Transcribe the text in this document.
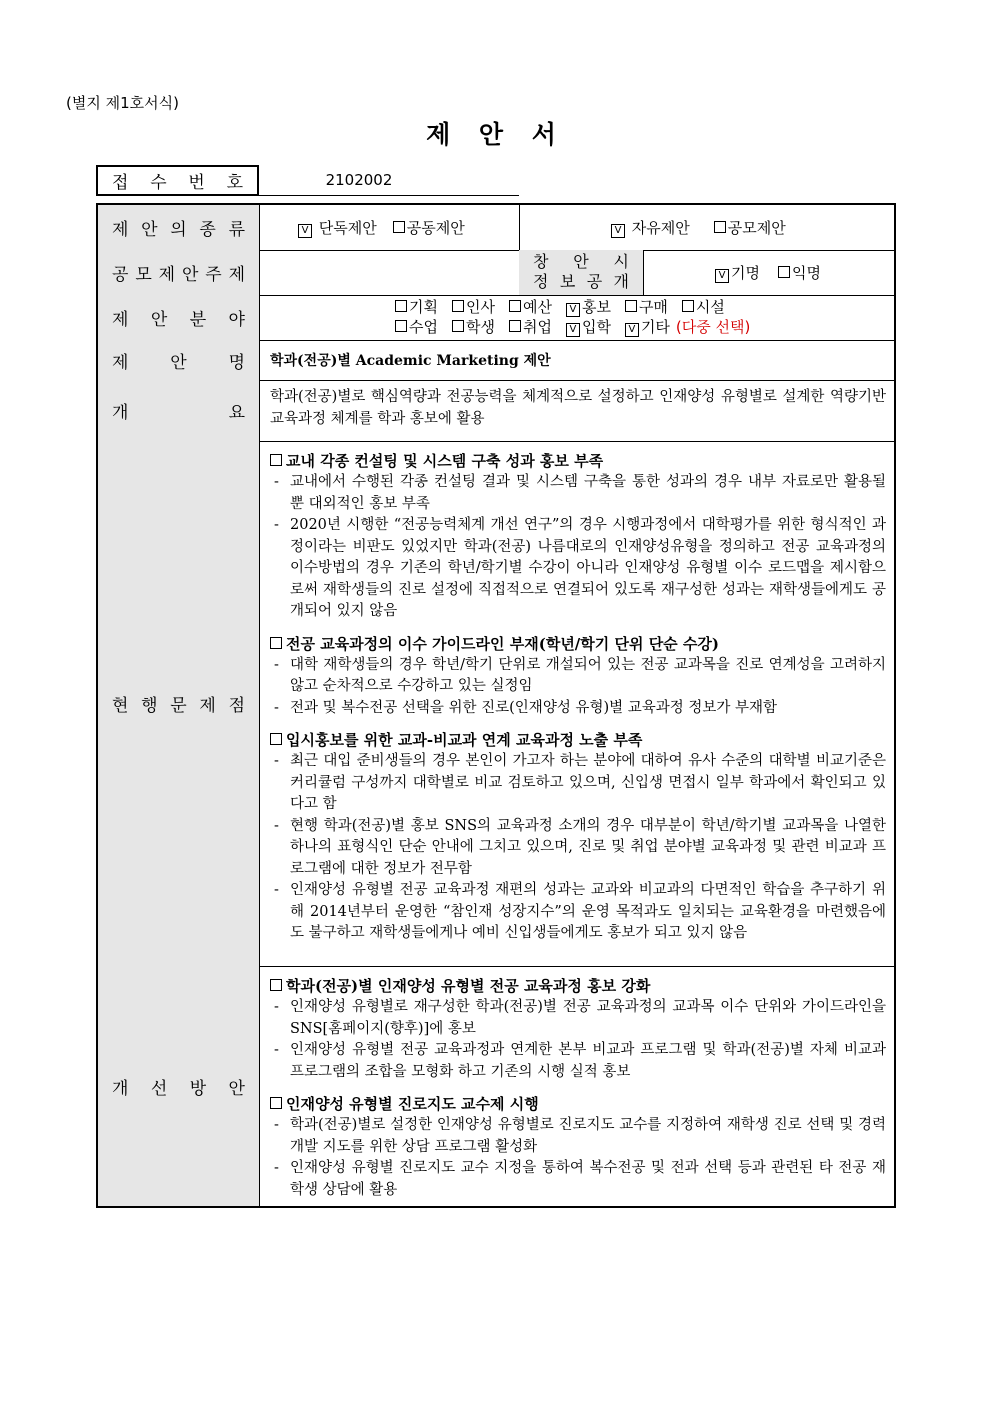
(별지 제1호서식)
제 안 서
접 수 번 호	2102002
제 안 의 종 류	V 단독제안	공동제안	V 자유제안	공모제안
공 모 제 안 주 제
창 안 시
정 보 공 개	V 기명	익명
제 안 분 야
기획 인사 예산 V 홍보 구매 시설
수업 학생 취업 V 입학 V 기타 (다중 선택)
제 안 명 학과(전공)별 Academic Marketing 제안
개	요
학과(전공)별로 핵심역량과 전공능력을 체계적으로 설정하고 인재양성 유형별로 설계한 역량기반 교육과정 체계를 학과 홍보에 활용
현 행 문 제 점
교내 각종 컨설팅 및 시스템 구축 성과 홍보 부족
- 교내에서 수행된 각종 컨설팅 결과 및 시스템 구축을 통한 성과의 경우 내부 자료로만 활용될 뿐 대외적인 홍보 부족
- 2020년 시행한 “전공능력체계 개선 연구”의 경우 시행과정에서 대학평가를 위한 형식적인 과정이라는 비판도 있었지만 학과(전공) 나름대로의 인재양성유형을 정의하고 전공 교육과정의 이수방법의 경우 기존의 학년/학기별 수강이 아니라 인재양성 유형별 이수 로드맵을 제시함으로써 재학생들의 진로 설정에 직접적으로 연결되어 있도록 재구성한 성과는 재학생들에게도 공개되어 있지 않음
전공 교육과정의 이수 가이드라인 부재(학년/학기 단위 단순 수강)
- 대학 재학생들의 경우 학년/학기 단위로 개설되어 있는 전공 교과목을 진로 연계성을 고려하지 않고 순차적으로 수강하고 있는 실정임
- 전과 및 복수전공 선택을 위한 진로(인재양성 유형)별 교육과정 정보가 부재함
입시홍보를 위한 교과-비교과 연계 교육과정 노출 부족
- 최근 대입 준비생들의 경우 본인이 가고자 하는 분야에 대하여 유사 수준의 대학별 비교기준은 커리큘럼 구성까지 대학별로 비교 검토하고 있으며, 신입생 면접시 일부 학과에서 확인되고 있다고 함
- 현행 학과(전공)별 홍보 SNS의 교육과정 소개의 경우 대부분이 학년/학기별 교과목을 나열한 하나의 표형식인 단순 안내에 그치고 있으며, 진로 및 취업 분야별 교육과정 및 관련 비교과 프로그램에 대한 정보가 전무함
- 인재양성 유형별 전공 교육과정 재편의 성과는 교과와 비교과의 다면적인 학습을 추구하기 위해 2014년부터 운영한 “참인재 성장지수”의 운영 목적과도 일치되는 교육환경을 마련했음에도 불구하고 재학생들에게나 예비 신입생들에게도 홍보가 되고 있지 않음
개 선 방 안
학과(전공)별 인재양성 유형별 전공 교육과정 홍보 강화
- 인재양성 유형별로 재구성한 학과(전공)별 전공 교육과정의 교과목 이수 단위와 가이드라인을 SNS[홈페이지(향후)]에 홍보
- 인재양성 유형별 전공 교육과정과 연계한 본부 비교과 프로그램 및 학과(전공)별 자체 비교과 프로그램의 조합을 모형화 하고 기존의 시행 실적 홍보
인재양성 유형별 진로지도 교수제 시행
- 학과(전공)별로 설정한 인재양성 유형별로 진로지도 교수를 지정하여 재학생 진로 선택 및 경력개발 지도를 위한 상담 프로그램 활성화
- 인재양성 유형별 진로지도 교수 지정을 통하여 복수전공 및 전과 선택 등과 관련된 타 전공 재학생 상담에 활용
